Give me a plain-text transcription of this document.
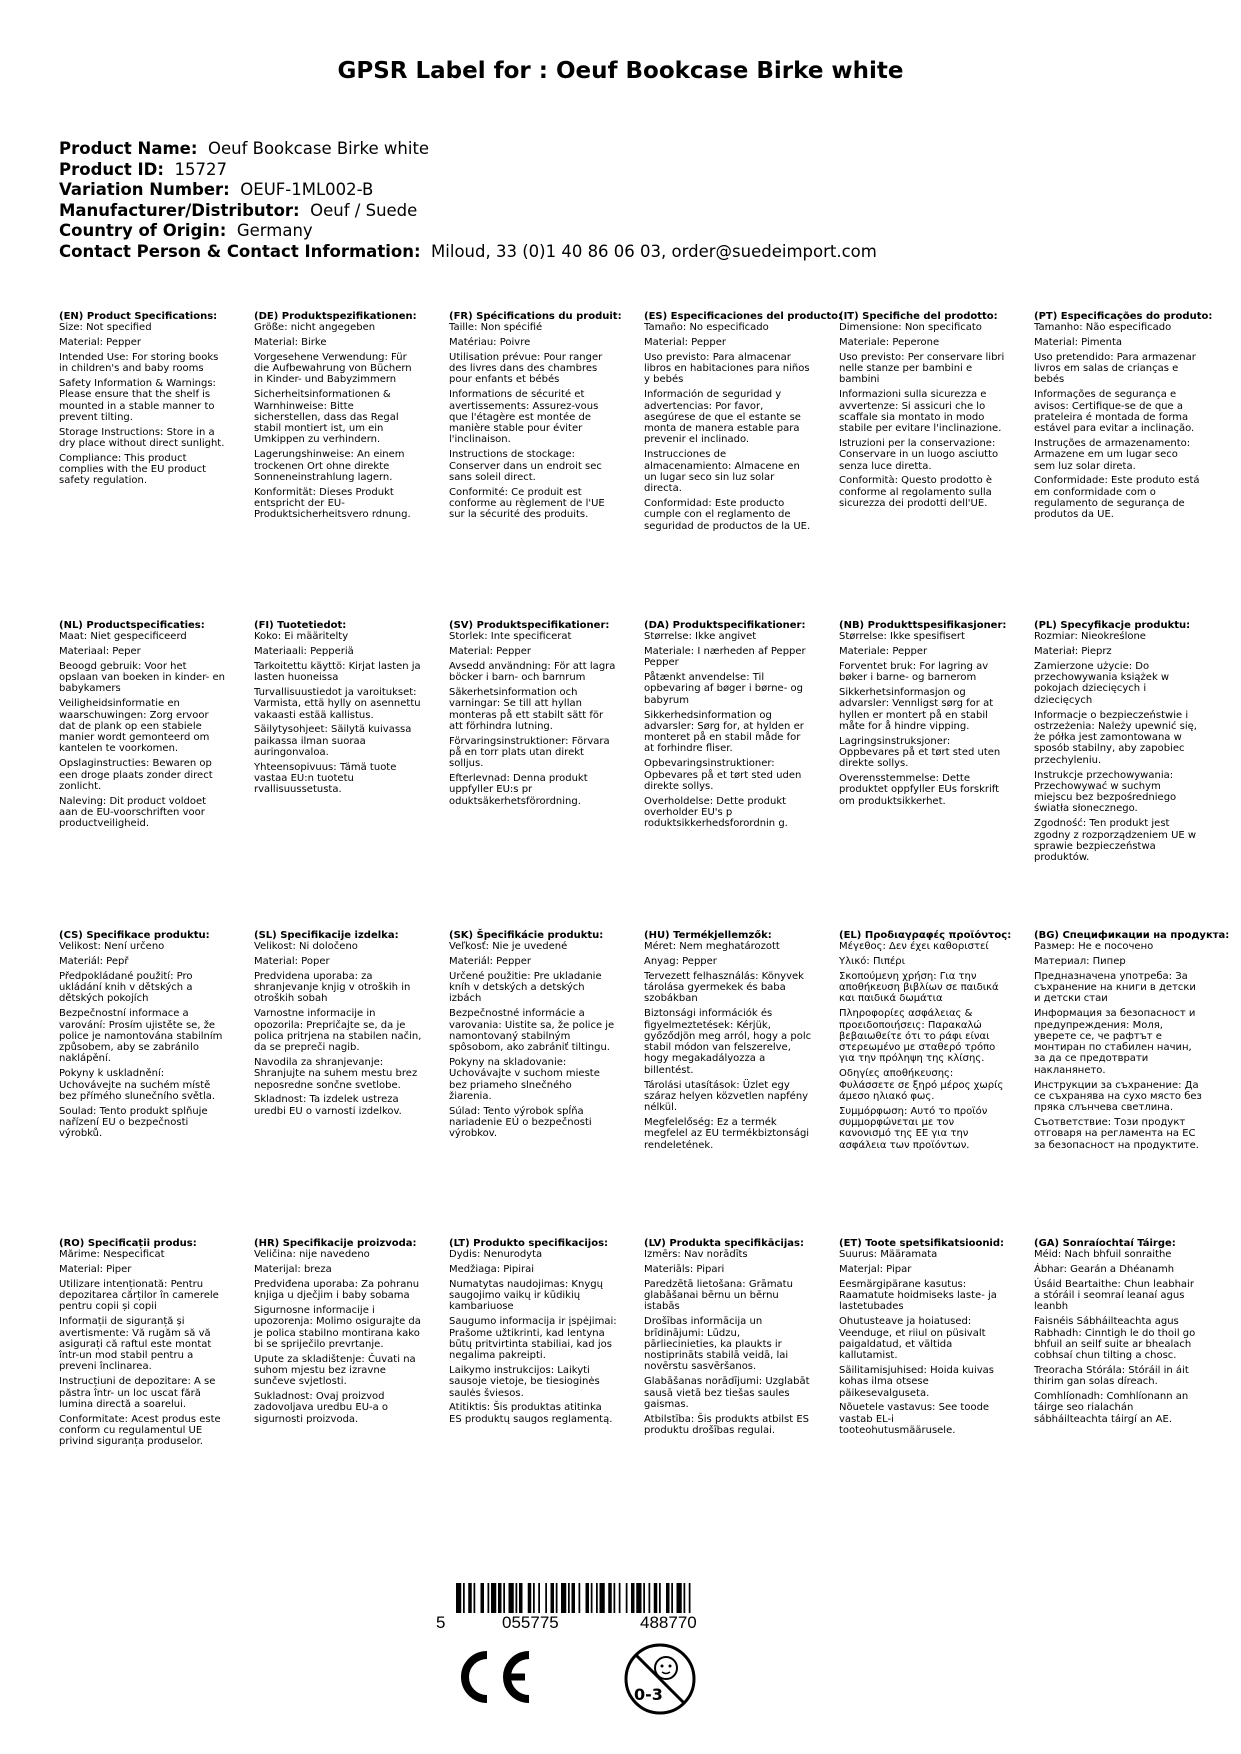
GPSR Label for : Oeuf Bookcase Birke white
Product Name: Oeuf Bookcase Birke white
Product ID: 15727
Variation Number: OEUF-1ML002-B
Manufacturer/Distributor: Oeuf / Suede
Country of Origin: Germany
Contact Person & Contact Information: Miloud, 33 (0)1 40 86 06 03, order@suedeimport.com
(EN) Product Specifications:
Size: Not specified
Material: Pepper
Intended Use: For storing books in children's and baby rooms
Safety Information & Warnings: Please ensure that the shelf is mounted in a stable manner to prevent tilting.
Storage Instructions: Store in a dry place without direct sunlight.
Compliance: This product complies with the EU product safety regulation.
(DE) Produktspezifikationen:
Größe: nicht angegeben
Material: Birke
Vorgesehene Verwendung: Für die Aufbewahrung von Büchern in Kinder- und Babyzimmern
Sicherheitsinformationen & Warnhinweise: Bitte sicherstellen, dass das Regal stabil montiert ist, um ein Umkippen zu verhindern.
Lagerungshinweise: An einem trockenen Ort ohne direkte Sonneneinstrahlung lagern.
Konformität: Dieses Produkt entspricht der EU-Produktsicherheitsvero rdnung.
(FR) Spécifications du produit:
Taille: Non spécifié
Matériau: Poivre
Utilisation prévue: Pour ranger des livres dans des chambres pour enfants et bébés
Informations de sécurité et avertissements: Assurez-vous que l'étagère est montée de manière stable pour éviter l'inclinaison.
Instructions de stockage: Conserver dans un endroit sec sans soleil direct.
Conformité: Ce produit est conforme au règlement de l'UE sur la sécurité des produits.
(ES) Especificaciones del producto:
Tamaño: No especificado
Material: Pepper
Uso previsto: Para almacenar libros en habitaciones para niños y bebés
Información de seguridad y advertencias: Por favor, asegúrese de que el estante se monta de manera estable para prevenir el inclinado.
Instrucciones de almacenamiento: Almacene en un lugar seco sin luz solar directa.
Conformidad: Este producto cumple con el reglamento de seguridad de productos de la UE.
(IT) Specifiche del prodotto:
Dimensione: Non specificato
Materiale: Peperone
Uso previsto: Per conservare libri nelle stanze per bambini e bambini
Informazioni sulla sicurezza e avvertenze: Si assicuri che lo scaffale sia montato in modo stabile per evitare l'inclinazione.
Istruzioni per la conservazione: Conservare in un luogo asciutto senza luce diretta.
Conformità: Questo prodotto è conforme al regolamento sulla sicurezza dei prodotti dell'UE.
(PT) Especificações do produto:
Tamanho: Não especificado
Material: Pimenta
Uso pretendido: Para armazenar livros em salas de crianças e bebés
Informações de segurança e avisos: Certifique-se de que a prateleira é montada de forma estável para evitar a inclinação.
Instruções de armazenamento: Armazene em um lugar seco sem luz solar direta.
Conformidade: Este produto está em conformidade com o regulamento de segurança de produtos da UE.
(NL) Productspecificaties:
Maat: Niet gespecificeerd
Materiaal: Peper
Beoogd gebruik: Voor het opslaan van boeken in kinder- en babykamers
Veiligheidsinformatie en waarschuwingen: Zorg ervoor dat de plank op een stabiele manier wordt gemonteerd om kantelen te voorkomen.
Opslaginstructies: Bewaren op een droge plaats zonder direct zonlicht.
Naleving: Dit product voldoet aan de EU-voorschriften voor productveiligheid.
(FI) Tuotetiedot:
Koko: Ei määritelty
Materiaali: Pepperiä
Tarkoitettu käyttö: Kirjat lasten ja lasten huoneissa
Turvallisuustiedot ja varoitukset: Varmista, että hylly on asennettu vakaasti estää kallistus.
Säilytysohjeet: Säilytä kuivassa paikassa ilman suoraa auringonvaloa.
Yhteensopivuus: Tämä tuote vastaa EU:n tuotetu rvallisuussetusta.
(SV) Produktspecifikationer:
Storlek: Inte specificerat
Material: Pepper
Avsedd användning: För att lagra böcker i barn- och barnrum
Säkerhetsinformation och varningar: Se till att hyllan monteras på ett stabilt sätt för att förhindra lutning.
Förvaringsinstruktioner: Förvara på en torr plats utan direkt solljus.
Efterlevnad: Denna produkt uppfyller EU:s pr oduktsäkerhetsförordning.
(DA) Produktspecifikationer:
Størrelse: Ikke angivet
Materiale: I nærheden af Pepper Pepper
Påtænkt anvendelse: Til opbevaring af bøger i børne- og babyrum
Sikkerhedsinformation og advarsler: Sørg for, at hylden er monteret på en stabil måde for at forhindre fliser.
Opbevaringsinstruktioner: Opbevares på et tørt sted uden direkte sollys.
Overholdelse: Dette produkt overholder EU's p roduktsikkerhedsforordnin g.
(NB) Produkttspesifikasjoner:
Størrelse: Ikke spesifisert
Materiale: Pepper
Forventet bruk: For lagring av bøker i barne- og barnerom
Sikkerhetsinformasjon og advarsler: Vennligst sørg for at hyllen er montert på en stabil måte for å hindre vipping.
Lagringsinstruksjoner: Oppbevares på et tørt sted uten direkte sollys.
Overensstemmelse: Dette produktet oppfyller EUs forskrift om produktsikkerhet.
(PL) Specyfikacje produktu:
Rozmiar: Nieokreślone
Materiał: Pieprz
Zamierzone użycie: Do przechowywania książek w pokojach dziecięcych i dziecięcych
Informacje o bezpieczeństwie i ostrzeżenia: Należy upewnić się, że półka jest zamontowana w sposób stabilny, aby zapobiec przechyleniu.
Instrukcje przechowywania: Przechowywać w suchym miejscu bez bezpośredniego światła słonecznego.
Zgodność: Ten produkt jest zgodny z rozporządzeniem UE w sprawie bezpieczeństwa produktów.
(CS) Specifikace produktu:
Velikost: Není určeno
Materiál: Pepř
Předpokládané použití: Pro ukládání knih v dětských a dětských pokojích
Bezpečnostní informace a varování: Prosím ujistěte se, že police je namontována stabilním způsobem, aby se zabránilo naklápění.
Pokyny k uskladnění: Uchovávejte na suchém místě bez přímého slunečního světla.
Soulad: Tento produkt splňuje nařízení EU o bezpečnosti výrobků.
(SL) Specifikacije izdelka:
Velikost: Ni določeno
Material: Poper
Predvidena uporaba: za shranjevanje knjig v otroških in otroških sobah
Varnostne informacije in opozorila: Prepričajte se, da je polica pritrjena na stabilen način, da se prepreči nagib.
Navodila za shranjevanje: Shranjujte na suhem mestu brez neposredne sončne svetlobe.
Skladnost: Ta izdelek ustreza uredbi EU o varnosti izdelkov.
(SK) Špecifikácie produktu:
Veľkosť: Nie je uvedené
Materiál: Pepper
Určené použitie: Pre ukladanie kníh v detských a detských izbách
Bezpečnostné informácie a varovania: Uistite sa, že police je namontovaný stabilným spôsobom, ako zabrániť tiltingu.
Pokyny na skladovanie: Uchovávajte v suchom mieste bez priameho slnečného žiarenia.
Súlad: Tento výrobok spĺňa nariadenie EÚ o bezpečnosti výrobkov.
(HU) Termékjellemzők:
Méret: Nem meghatározott
Anyag: Pepper
Tervezett felhasználás: Könyvek tárolása gyermekek és baba szobákban
Biztonsági információk és figyelmeztetések: Kérjük, győződjön meg arról, hogy a polc stabil módon van felszerelve, hogy megakadályozza a billentést.
Tárolási utasítások: Üzlet egy száraz helyen közvetlen napfény nélkül.
Megfelelőség: Ez a termék megfelel az EU termékbiztonsági rendeletének.
(EL) Προδιαγραφές προϊόντος:
Μέγεθος: Δεν έχει καθοριστεί
Υλικό: Πιπέρι
Σκοπούμενη χρήση: Για την αποθήκευση βιβλίων σε παιδικά και παιδικά δωμάτια
Πληροφορίες ασφάλειας & προειδοποιήσεις: Παρακαλώ βεβαιωθείτε ότι το ράφι είναι στερεωμένο με σταθερό τρόπο για την πρόληψη της κλίσης.
Οδηγίες αποθήκευσης: Φυλάσσετε σε ξηρό μέρος χωρίς άμεσο ηλιακό φως.
Συμμόρφωση: Αυτό το προϊόν συμμορφώνεται με τον κανονισμό της ΕΕ για την ασφάλεια των προϊόντων.
(BG) Спецификации на продукта:
Размер: Не е посочено
Материал: Пипер
Предназначена употреба: За съхранение на книги в детски и детски стаи
Информация за безопасност и предупреждения: Моля, уверете се, че рафтът е монтиран по стабилен начин, за да се предотврати накланянето.
Инструкции за съхранение: Да се съхранява на сухо място без пряка слънчева светлина.
Съответствие: Този продукт отговаря на регламента на ЕС за безопасност на продуктите.
(RO) Specificații produs:
Mărime: Nespecificat
Material: Piper
Utilizare intenționată: Pentru depozitarea cărților în camerele pentru copii și copii
Informații de siguranță și avertismente: Vă rugăm să vă asigurați că raftul este montat într-un mod stabil pentru a preveni înclinarea.
Instrucțiuni de depozitare: A se păstra într- un loc uscat fără lumina directă a soarelui.
Conformitate: Acest produs este conform cu regulamentul UE privind siguranța produselor.
(HR) Specifikacije proizvoda:
Veličina: nije navedeno
Materijal: breza
Predviđena uporaba: Za pohranu knjiga u dječjim i baby sobama
Sigurnosne informacije i upozorenja: Molimo osigurajte da je polica stabilno montirana kako bi se spriječilo prevrtanje.
Upute za skladištenje: Čuvati na suhom mjestu bez izravne sunčeve svjetlosti.
Sukladnost: Ovaj proizvod zadovoljava uredbu EU-a o sigurnosti proizvoda.
(LT) Produkto specifikacijos:
Dydis: Nenurodyta
Medžiaga: Pipirai
Numatytas naudojimas: Knygų saugojimo vaikų ir kūdikių kambariuose
Saugumo informacija ir įspėjimai: Prašome užtikrinti, kad lentyna būtų pritvirtinta stabiliai, kad jos negalima pakreipti.
Laikymo instrukcijos: Laikyti sausoje vietoje, be tiesioginės saulės šviesos.
Atitiktis: Šis produktas atitinka ES produktų saugos reglamentą.
(LV) Produkta specifikācijas:
Izmērs: Nav norādīts
Materiāls: Pipari
Paredzētā lietošana: Grāmatu glabāšanai bērnu un bērnu istabās
Drošības informācija un brīdinājumi: Lūdzu, pārliecinieties, ka plaukts ir nostiprināts stabilā veidā, lai novērstu sasvēršanos.
Glabāšanas norādījumi: Uzglabāt sausā vietā bez tiešas saules gaismas.
Atbilstība: Šis produkts atbilst ES produktu drošības regulai.
(ET) Toote spetsifikatsioonid:
Suurus: Määramata
Materjal: Pipar
Eesmärgipärane kasutus: Raamatute hoidmiseks laste- ja lastetubades
Ohutusteave ja hoiatused: Veenduge, et riiul on püsivalt paigaldatud, et vältida kallutamist.
Säilitamisjuhised: Hoida kuivas kohas ilma otsese päikesevalguseta.
Nõuetele vastavus: See toode vastab EL-i tooteohutusmäärusele.
(GA) Sonraíochtaí Táirge:
Méid: Nach bhfuil sonraithe
Ábhar: Gearán a Dhéanamh
Úsáid Beartaithe: Chun leabhair a stóráil i seomraí leanaí agus leanbh
Faisnéis Sábháilteachta agus Rabhadh: Cinntigh le do thoil go bhfuil an seilf suite ar bhealach cobhsaí chun tilting a chosc.
Treoracha Stórála: Stóráil in áit thirim gan solas díreach.
Comhlíonadh: Comhlíonann an táirge seo rialachán sábháilteachta táirgí an AE.
5	055775	488770
0-3
